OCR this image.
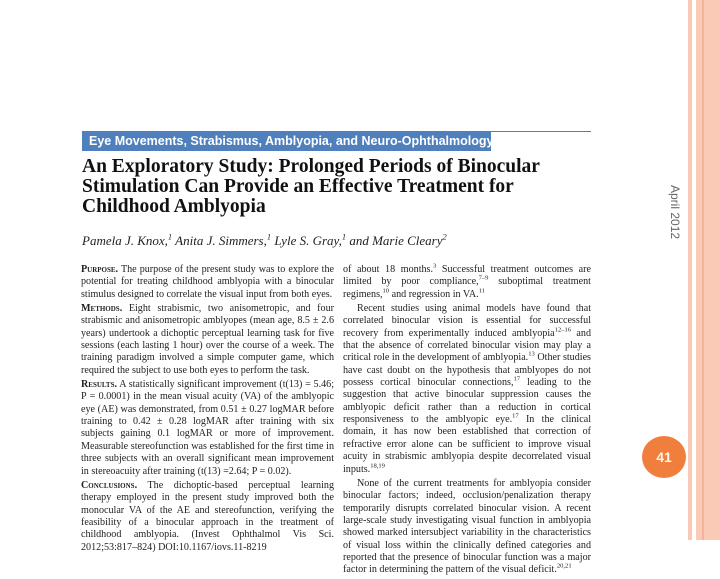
April 2012
41
Eye Movements, Strabismus, Amblyopia, and Neuro-Ophthalmology
An Exploratory Study: Prolonged Periods of Binocular Stimulation Can Provide an Effective Treatment for Childhood Amblyopia
Pamela J. Knox,$^1$ Anita J. Simmers,$^1$ Lyle S. Gray,$^1$ and Marie Cleary$^2$

Purpose. The purpose of the present study was to explore the potential for treating childhood amblyopia with a binocular stimulus designed to correlate the visual input from both eyes.

Methods. Eight strabismic, two anisometropic, and four strabismic and anisometropic amblyopes (mean age, 8.5 ± 2.6 years) undertook a dichoptic perceptual learning task for five sessions (each lasting 1 hour) over the course of a week. The training paradigm involved a simple computer game, which required the subject to use both eyes to perform the task.

Results. A statistically significant improvement (t(13) = 5.46; P = 0.0001) in the mean visual acuity (VA) of the amblyopic eye (AE) was demonstrated, from 0.51 ± 0.27 logMAR before training to 0.42 ± 0.28 logMAR after training with six subjects gaining 0.1 logMAR or more of improvement. Measurable stereofunction was established for the first time in three subjects with an overall significant mean improvement in stereoacuity after training (t(13) =2.64; P = 0.02).

Conclusions. The dichoptic-based perceptual learning therapy employed in the present study improved both the monocular VA of the AE and stereofunction, verifying the feasibility of a binocular approach in the treatment of childhood amblyopia. (Invest Ophthalmol Vis Sci. 2012;53:817–824) DOI:10.1167/iovs.11-8219

of about 18 months.$^3$ Successful treatment outcomes are limited by poor compliance,$^{7-9}$ suboptimal treatment regimens,$^{10}$ and regression in VA.$^{11}$

Recent studies using animal models have found that correlated binocular vision is essential for successful recovery from experimentally induced amblyopia$^{12-16}$ and that the absence of correlated binocular vision may play a critical role in the development of amblyopia.$^{13}$ Other studies have cast doubt on the hypothesis that amblyopes do not possess cortical binocular connections,$^{17}$ leading to the suggestion that active binocular suppression causes the amblyopic deficit rather than a reduction in cortical responsiveness to the amblyopic eye.$^{17}$ In the clinical domain, it has now been established that correction of refractive error alone can be sufficient to improve visual acuity in strabismic amblyopia despite decorrelated visual inputs.$^{18,19}$

None of the current treatments for amblyopia consider binocular factors; indeed, occlusion/penalization therapy temporarily disrupts correlated binocular vision. A recent large-scale study investigating visual function in amblyopia showed marked intersubject variability in the characteristics of visual loss within the clinically defined categories and reported that the presence of binocular function was a major factor in determining the pattern of the visual deficit.$^{20,21}$
